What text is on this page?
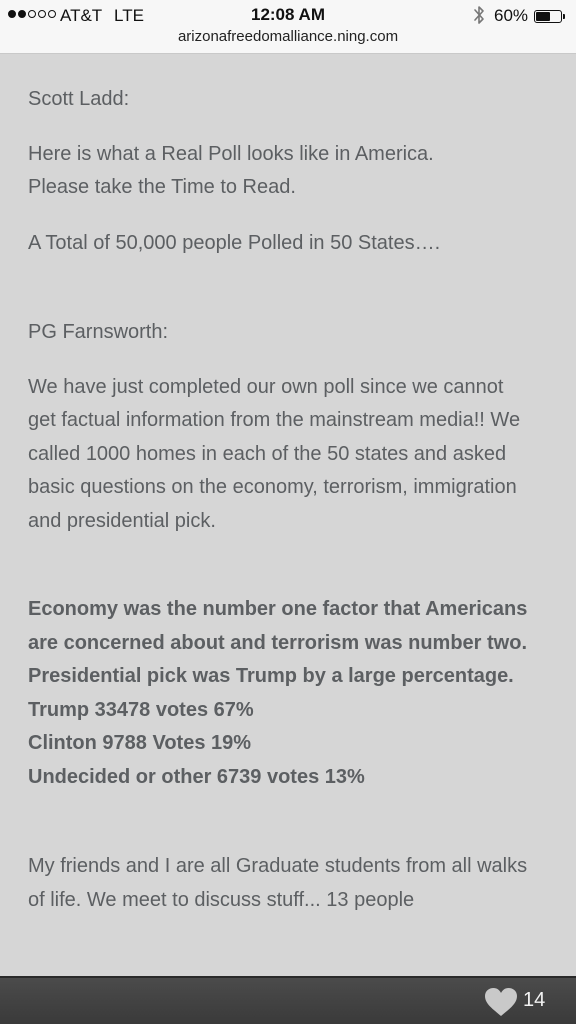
AT&T LTE	12:08 AM	60%
arizonafreedomalliance.ning.com

Scott Ladd:

Here is what a Real Poll looks like in America.
Please take the Time to Read.

A Total of 50,000 people Polled in 50 States….

PG Farnsworth:

We have just completed our own poll since we cannot get factual information from the mainstream media!! We called 1000 homes in each of the 50 states and asked basic questions on the economy, terrorism, immigration and presidential pick.

Economy was the number one factor that Americans are concerned about and terrorism was number two.
Presidential pick was Trump by a large percentage.
Trump 33478 votes 67%
Clinton 9788 Votes 19%
Undecided or other 6739 votes 13%

My friends and I are all Graduate students from all walks of life. We meet to discuss stuff... 13 people

14
